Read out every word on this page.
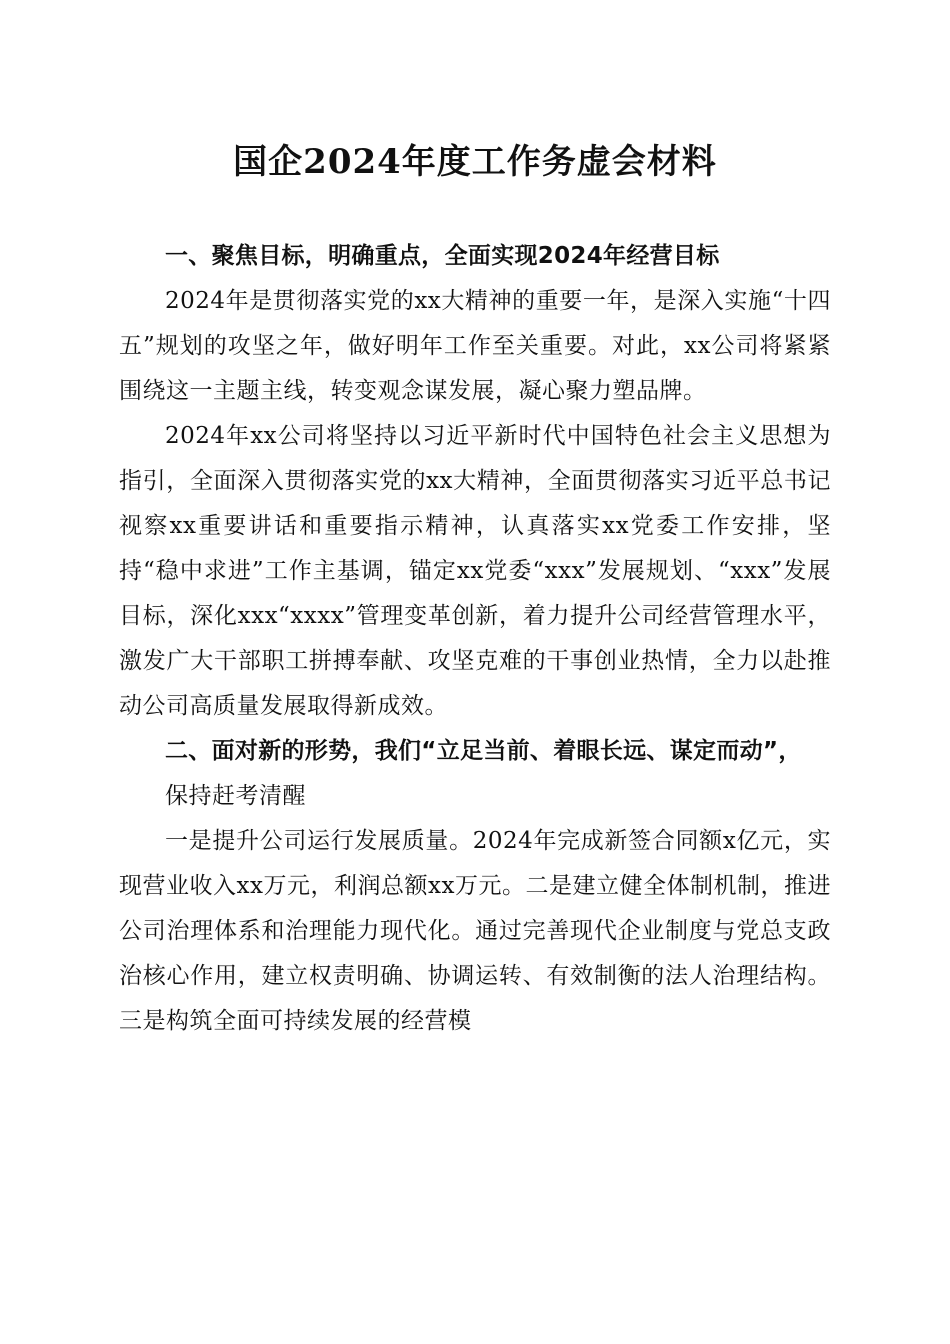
国企2024年度工作务虚会材料
一、聚焦目标，明确重点，全面实现2024年经营目标

2024年是贯彻落实党的xx大精神的重要一年，是深入实施“十四五”规划的攻坚之年，做好明年工作至关重要。对此，xx公司将紧紧围绕这一主题主线，转变观念谋发展，凝心聚力塑品牌。

2024年xx公司将坚持以习近平新时代中国特色社会主义思想为指引，全面深入贯彻落实党的xx大精神，全面贯彻落实习近平总书记视察xx重要讲话和重要指示精神，认真落实xx党委工作安排，坚持“稳中求进”工作主基调，锚定xx党委“xxx”发展规划、“xxx”发展目标，深化xxx“xxxx”管理变革创新，着力提升公司经营管理水平，激发广大干部职工拼搏奉献、攻坚克难的干事创业热情，全力以赴推动公司高质量发展取得新成效。

二、面对新的形势，我们“立足当前、着眼长远、谋定而动”，

保持赶考清醒

一是提升公司运行发展质量。2024年完成新签合同额x亿元，实现营业收入xx万元，利润总额xx万元。二是建立健全体制机制，推进公司治理体系和治理能力现代化。通过完善现代企业制度与党总支政治核心作用，建立权责明确、协调运转、有效制衡的法人治理结构。三是构筑全面可持续发展的经营模
